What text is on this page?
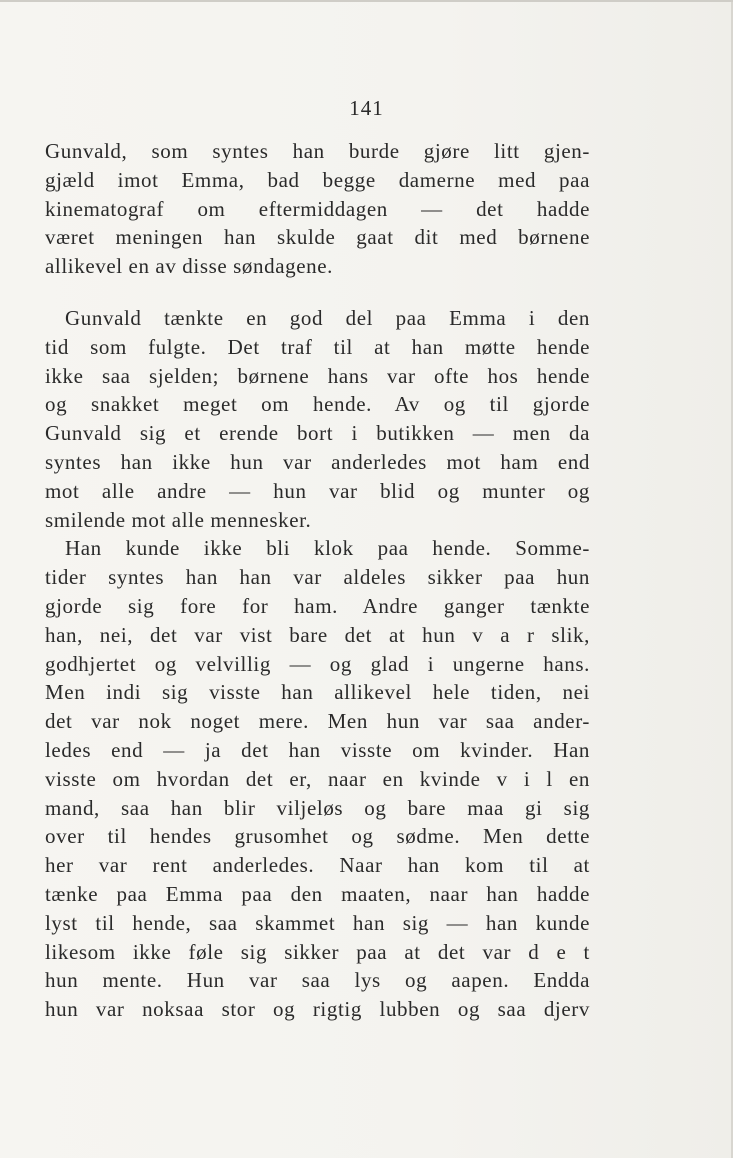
141
Gunvald, som syntes han burde gjøre litt gjen-
gjæld imot Emma, bad begge damerne med paa
kinematograf om eftermiddagen — det hadde
været meningen han skulde gaat dit med børnene
allikevel en av disse søndagene.
Gunvald tænkte en god del paa Emma i den
tid som fulgte. Det traf til at han møtte hende
ikke saa sjelden; børnene hans var ofte hos hende
og snakket meget om hende. Av og til gjorde
Gunvald sig et erende bort i butikken — men da
syntes han ikke hun var anderledes mot ham end
mot alle andre — hun var blid og munter og
smilende mot alle mennesker.
Han kunde ikke bli klok paa hende. Somme-
tider syntes han han var aldeles sikker paa hun
gjorde sig fore for ham. Andre ganger tænkte
han, nei, det var vist bare det at hun v a r slik,
godhjertet og velvillig — og glad i ungerne hans.
Men indi sig visste han allikevel hele tiden, nei
det var nok noget mere. Men hun var saa ander-
ledes end — ja det han visste om kvinder. Han
visste om hvordan det er, naar en kvinde v i l en
mand, saa han blir viljeløs og bare maa gi sig
over til hendes grusomhet og sødme. Men dette
her var rent anderledes. Naar han kom til at
tænke paa Emma paa den maaten, naar han hadde
lyst til hende, saa skammet han sig — han kunde
likesom ikke føle sig sikker paa at det var d e t
hun mente. Hun var saa lys og aapen. Endda
hun var noksaa stor og rigtig lubben og saa djerv
